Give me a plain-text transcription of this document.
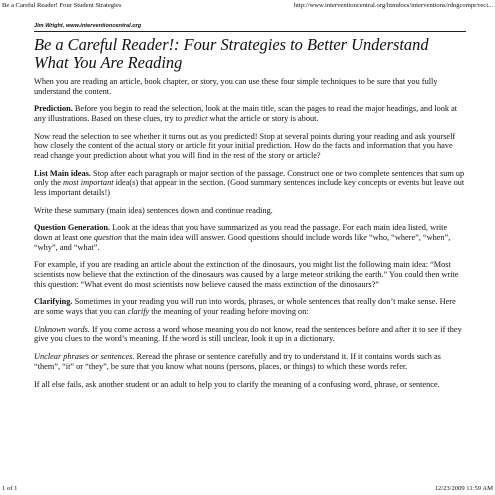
Be a Careful Reader! Four Student Strategies	http://www.interventioncentral.org/htmdocs/interventions/rdngcompr/reci...
Jim Wright, www.interventioncentral.org
Be a Careful Reader!: Four Strategies to Better Understand What You Are Reading

When you are reading an article, book chapter, or story, you can use these four simple techniques to be sure that you fully understand the content.

Prediction. Before you begin to read the selection, look at the main title, scan the pages to read the major headings, and look at any illustrations. Based on these clues, try to predict what the article or story is about.

Now read the selection to see whether it turns out as you predicted! Stop at several points during your reading and ask yourself how closely the content of the actual story or article fit your initial prediction. How do the facts and information that you have read change your prediction about what you will find in the rest of the story or article?

List Main ideas. Stop after each paragraph or major section of the passage. Construct one or two complete sentences that sum up only the most important idea(s) that appear in the section. (Good summary sentences include key concepts or events but leave out less important details!)

Write these summary (main idea) sentences down and continue reading.

Question Generation. Look at the ideas that you have summarized as you read the passage. For each main idea listed, write down at least one question that the main idea will answer. Good questions should include words like “who, “where”, “when”, “why”, and “what”.

For example, if you are reading an article about the extinction of the dinosaurs, you might list the following main idea: “Most scientists now believe that the extinction of the dinosaurs was caused by a large meteor striking the earth.” You could then write this question: “What event do most scientists now believe caused the mass extinction of the dinosaurs?”

Clarifying. Sometimes in your reading you will run into words, phrases, or whole sentences that really don’t make sense. Here are some ways that you can clarify the meaning of your reading before moving on:

Unknown words. If you come across a word whose meaning you do not know, read the sentences before and after it to see if they give you clues to the word’s meaning. If the word is still unclear, look it up in a dictionary.

Unclear phrases or sentences. Reread the phrase or sentence carefully and try to understand it. If it contains words such as “them”, “it” or “they”, be sure that you know what nouns (persons, places, or things) to which these words refer.

If all else fails, ask another student or an adult to help you to clarify the meaning of a confusing word, phrase, or sentence.

1 of 1	12/23/2009 11:59 AM
